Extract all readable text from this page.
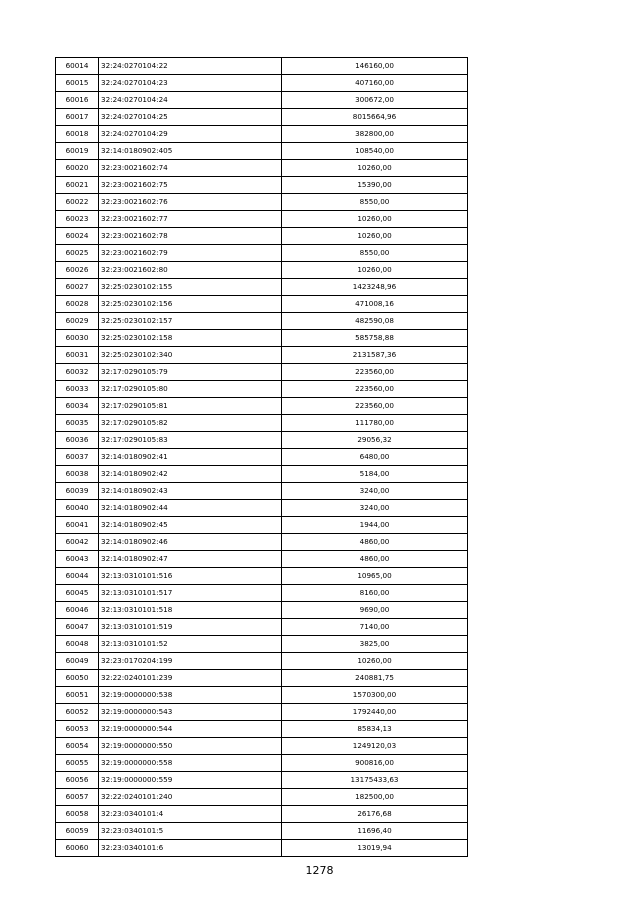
60014	32:24:0270104:22	146160,00
60015	32:24:0270104:23	407160,00
60016	32:24:0270104:24	300672,00
60017	32:24:0270104:25	8015664,96
60018	32:24:0270104:29	382800,00
60019	32:14:0180902:405	108540,00
60020	32:23:0021602:74	10260,00
60021	32:23:0021602:75	15390,00
60022	32:23:0021602:76	8550,00
60023	32:23:0021602:77	10260,00
60024	32:23:0021602:78	10260,00
60025	32:23:0021602:79	8550,00
60026	32:23:0021602:80	10260,00
60027	32:25:0230102:155	1423248,96
60028	32:25:0230102:156	471008,16
60029	32:25:0230102:157	482590,08
60030	32:25:0230102:158	585758,88
60031	32:25:0230102:340	2131587,36
60032	32:17:0290105:79	223560,00
60033	32:17:0290105:80	223560,00
60034	32:17:0290105:81	223560,00
60035	32:17:0290105:82	111780,00
60036	32:17:0290105:83	29056,32
60037	32:14:0180902:41	6480,00
60038	32:14:0180902:42	5184,00
60039	32:14:0180902:43	3240,00
60040	32:14:0180902:44	3240,00
60041	32:14:0180902:45	1944,00
60042	32:14:0180902:46	4860,00
60043	32:14:0180902:47	4860,00
60044	32:13:0310101:516	10965,00
60045	32:13:0310101:517	8160,00
60046	32:13:0310101:518	9690,00
60047	32:13:0310101:519	7140,00
60048	32:13:0310101:52	3825,00
60049	32:23:0170204:199	10260,00
60050	32:22:0240101:239	240881,75
60051	32:19:0000000:538	1570300,00
60052	32:19:0000000:543	1792440,00
60053	32:19:0000000:544	85834,13
60054	32:19:0000000:550	1249120,03
60055	32:19:0000000:558	900816,00
60056	32:19:0000000:559	13175433,63
60057	32:22:0240101:240	182500,00
60058	32:23:0340101:4	26176,68
60059	32:23:0340101:5	11696,40
60060	32:23:0340101:6	13019,94
1278
